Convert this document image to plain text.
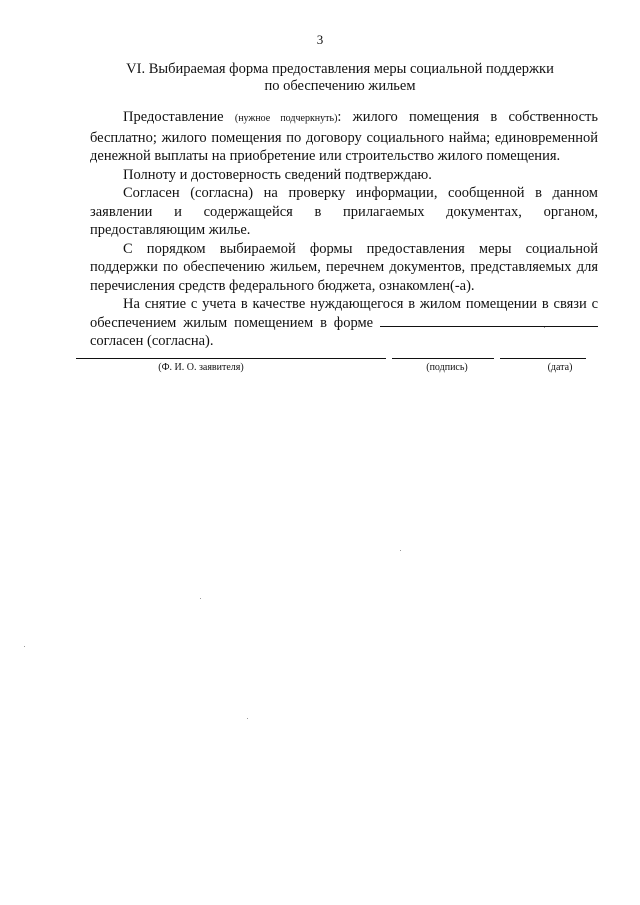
3
VI. Выбираемая форма предоставления меры социальной поддержки
по обеспечению жильем

Предоставление (нужное подчеркнуть): жилого помещения в собственность бесплатно; жилого помещения по договору социального найма; единовременной денежной выплаты на приобретение или строительство жилого помещения.

Полноту и достоверность сведений подтверждаю.

Согласен (согласна) на проверку информации, сообщенной в данном заявлении и содержащейся в прилагаемых документах, органом, предоставляющим жилье.

С порядком выбираемой формы предоставления меры социальной поддержки по обеспечению жильем, перечнем документов, представляемых для перечисления средств федерального бюджета, ознакомлен(-а).

На снятие с учета в качестве нуждающегося в жилом помещении в связи с обеспечением жилым помещением в форме  согласен (согласна).

(Ф. И. О. заявителя)	(подпись)	(дата)
